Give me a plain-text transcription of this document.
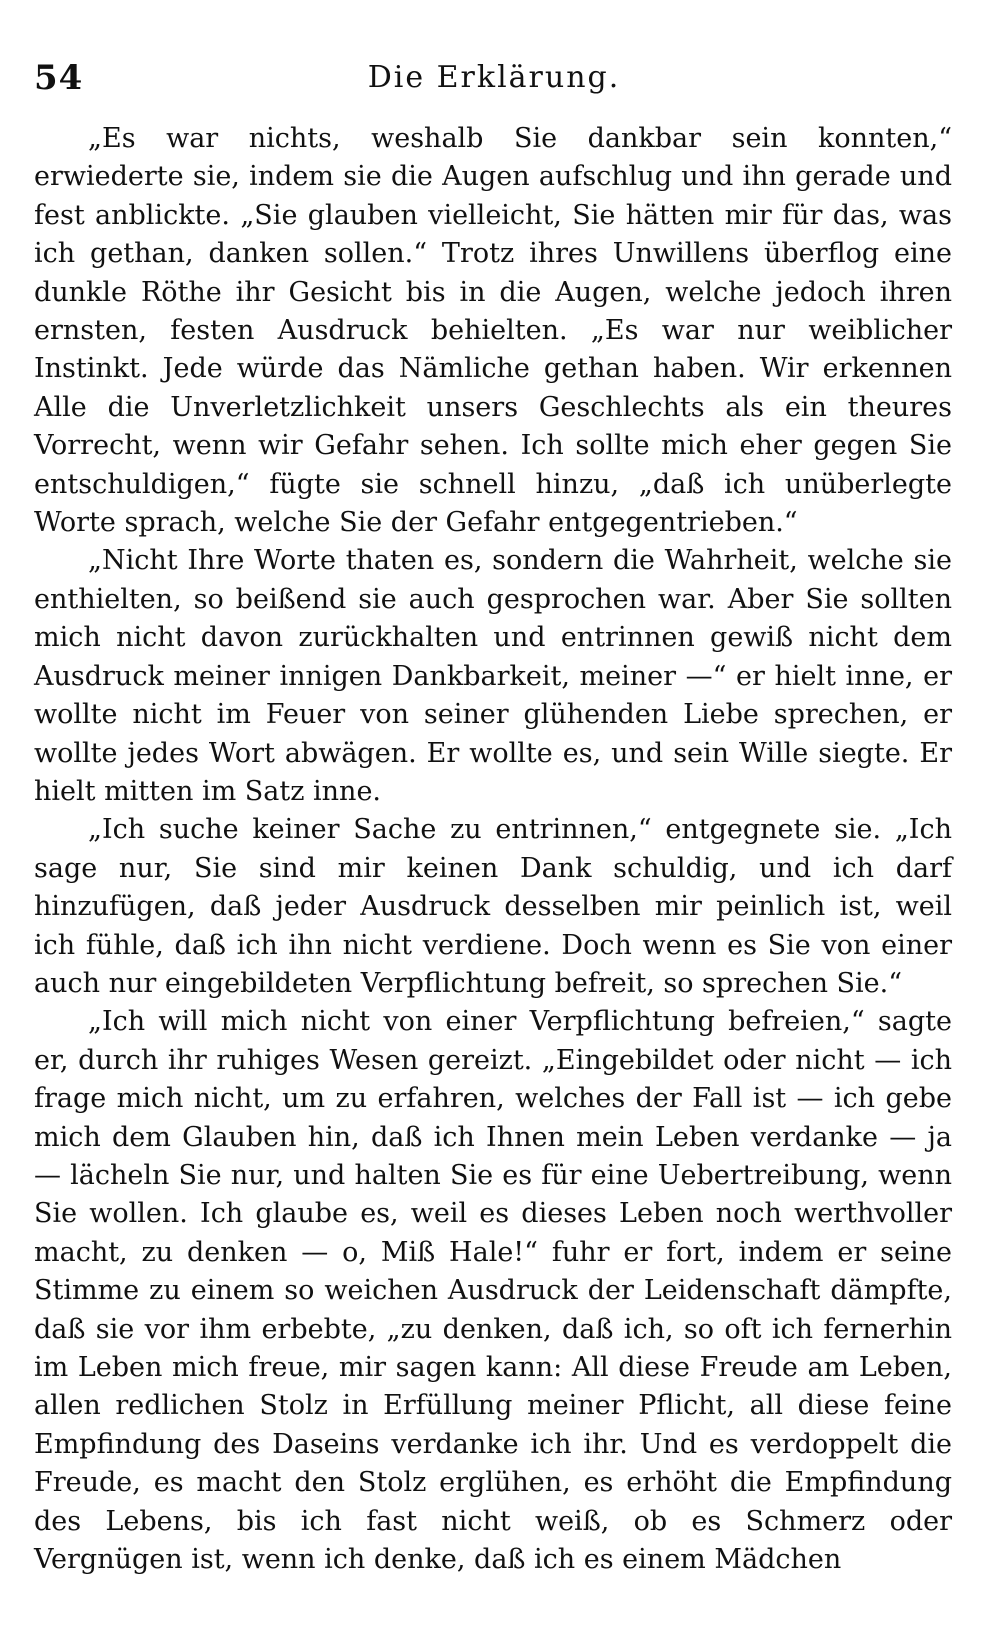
54	Die Erklärung.

„Es war nichts, weshalb Sie dankbar sein konnten,“ erwiederte sie, indem sie die Augen aufschlug und ihn gerade und fest anblickte. „Sie glauben vielleicht, Sie hätten mir für das, was ich gethan, danken sollen.“ Trotz ihres Unwillens überflog eine dunkle Röthe ihr Gesicht bis in die Augen, welche jedoch ihren ernsten, festen Ausdruck behielten. „Es war nur weiblicher Instinkt. Jede würde das Nämliche gethan haben. Wir erkennen Alle die Unverletzlichkeit unsers Geschlechts als ein theures Vorrecht, wenn wir Gefahr sehen. Ich sollte mich eher gegen Sie entschuldigen,“ fügte sie schnell hinzu, „daß ich unüberlegte Worte sprach, welche Sie der Gefahr entgegentrieben.“

„Nicht Ihre Worte thaten es, sondern die Wahrheit, welche sie enthielten, so beißend sie auch gesprochen war. Aber Sie sollten mich nicht davon zurückhalten und entrinnen gewiß nicht dem Ausdruck meiner innigen Dankbarkeit, meiner —“ er hielt inne, er wollte nicht im Feuer von seiner glühenden Liebe sprechen, er wollte jedes Wort abwägen. Er wollte es, und sein Wille siegte. Er hielt mitten im Satz inne.

„Ich suche keiner Sache zu entrinnen,“ entgegnete sie. „Ich sage nur, Sie sind mir keinen Dank schuldig, und ich darf hinzufügen, daß jeder Ausdruck desselben mir peinlich ist, weil ich fühle, daß ich ihn nicht verdiene. Doch wenn es Sie von einer auch nur eingebildeten Verpflichtung befreit, so sprechen Sie.“

„Ich will mich nicht von einer Verpflichtung befreien,“ sagte er, durch ihr ruhiges Wesen gereizt. „Eingebildet oder nicht — ich frage mich nicht, um zu erfahren, welches der Fall ist — ich gebe mich dem Glauben hin, daß ich Ihnen mein Leben verdanke — ja — lächeln Sie nur, und halten Sie es für eine Uebertreibung, wenn Sie wollen. Ich glaube es, weil es dieses Leben noch werthvoller macht, zu denken — o, Miß Hale!“ fuhr er fort, indem er seine Stimme zu einem so weichen Ausdruck der Leidenschaft dämpfte, daß sie vor ihm erbebte, „zu denken, daß ich, so oft ich fernerhin im Leben mich freue, mir sagen kann: All diese Freude am Leben, allen redlichen Stolz in Erfüllung meiner Pflicht, all diese feine Empfindung des Daseins verdanke ich ihr. Und es verdoppelt die Freude, es macht den Stolz erglühen, es erhöht die Empfindung des Lebens, bis ich fast nicht weiß, ob es Schmerz oder Vergnügen ist, wenn ich denke, daß ich es einem Mädchen
